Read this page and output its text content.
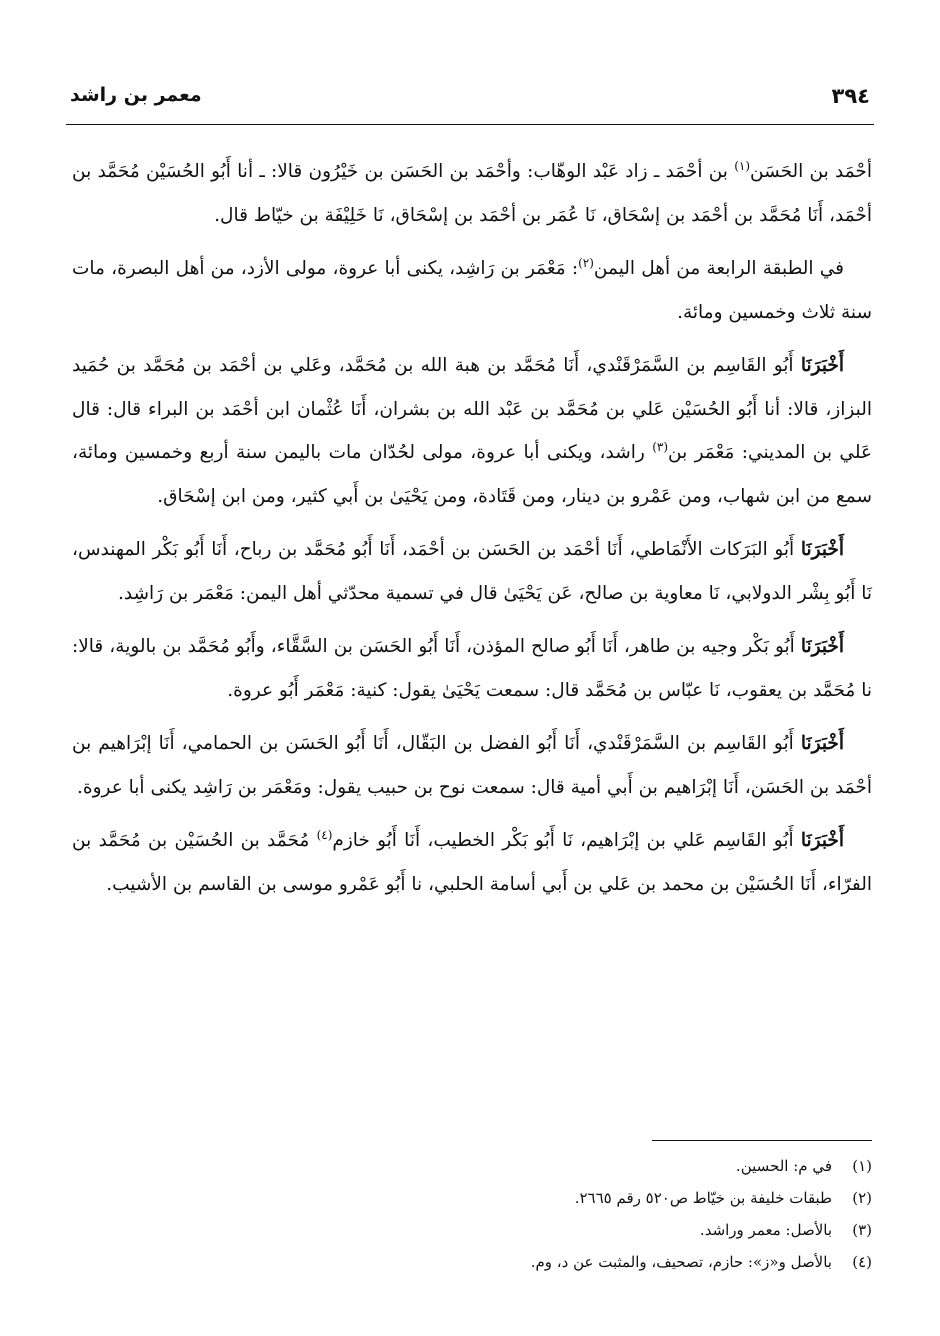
٣٩٤
معمر بن راشد

أحْمَد بن الحَسَن$^{(١)}$ بن أحْمَد ـ زاد عَبْد الوهّاب: وأحْمَد بن الحَسَن بن خَيْرُون قالا: ـ أنا أَبُو الحُسَيْن مُحَمَّد بن أحْمَد، أَنَا مُحَمَّد بن أحْمَد بن إسْحَاق، نَا عُمَر بن أحْمَد بن إسْحَاق، نَا خَلِيْفَة بن خيّاط قال.

في الطبقة الرابعة من أهل اليمن$^{(٢)}$: مَعْمَر بن رَاشِد، يكنى أبا عروة، مولى الأزد، من أهل البصرة، مات سنة ثلاث وخمسين ومائة.

أَخْبَرَنَا أَبُو القَاسِم بن السَّمَرْقَنْدي، أَنَا مُحَمَّد بن هبة الله بن مُحَمَّد، وعَلي بن أحْمَد بن مُحَمَّد بن حُمَيد البزاز، قالا: أنا أَبُو الحُسَيْن عَلي بن مُحَمَّد بن عَبْد الله بن بشران، أَنَا عُثْمان ابن أحْمَد بن البراء قال: قال عَلي بن المديني: مَعْمَر بن$^{(٣)}$ راشد، ويكنى أبا عروة، مولى لحُدّان مات باليمن سنة أربع وخمسين ومائة، سمع من ابن شهاب، ومن عَمْرو بن دينار، ومن قَتَادة، ومن يَحْيَىٰ بن أَبي كثير، ومن ابن إسْحَاق.

أَخْبَرَنَا أَبُو البَرَكات الأَنْمَاطي، أَنَا أحْمَد بن الحَسَن بن أحْمَد، أَنَا أَبُو مُحَمَّد بن رباح، أَنَا أَبُو بَكْر المهندس، نَا أَبُو بِشْر الدولابي، نَا معاوية بن صالح، عَن يَحْيَىٰ قال في تسمية محدّثي أهل اليمن: مَعْمَر بن رَاشِد.

أَخْبَرَنَا أَبُو بَكْر وجيه بن طاهر، أَنَا أَبُو صالح المؤذن، أَنَا أَبُو الحَسَن بن السَّقَّاء، وأَبُو مُحَمَّد بن بالوية، قالا: نا مُحَمَّد بن يعقوب، نَا عبّاس بن مُحَمَّد قال: سمعت يَحْيَىٰ يقول: كنية: مَعْمَر أَبُو عروة.

أَخْبَرَنَا أَبُو القَاسِم بن السَّمَرْقَنْدي، أَنَا أَبُو الفضل بن البَقّال، أَنَا أَبُو الحَسَن بن الحمامي، أَنَا إبْرَاهيم بن أحْمَد بن الحَسَن، أَنَا إبْرَاهيم بن أَبي أمية قال: سمعت نوح بن حبيب يقول: ومَعْمَر بن رَاشِد يكنى أبا عروة.

أَخْبَرَنَا أَبُو القَاسِم عَلي بن إبْرَاهيم، نَا أَبُو بَكْر الخطيب، أَنَا أَبُو خازم$^{(٤)}$ مُحَمَّد بن الحُسَيْن بن مُحَمَّد بن الفرّاء، أَنَا الحُسَيْن بن محمد بن عَلي بن أَبي أسامة الحلبي، نا أَبُو عَمْرو موسى بن القاسم بن الأشيب.

(١)في م: الحسين.
(٢)طبقات خليفة بن خيّاط ص٥٢٠ رقم ٢٦٦٥.
(٣)بالأصل: معمر وراشد.
(٤)بالأصل و«ز»: حازم، تصحيف، والمثبت عن د، وم.
